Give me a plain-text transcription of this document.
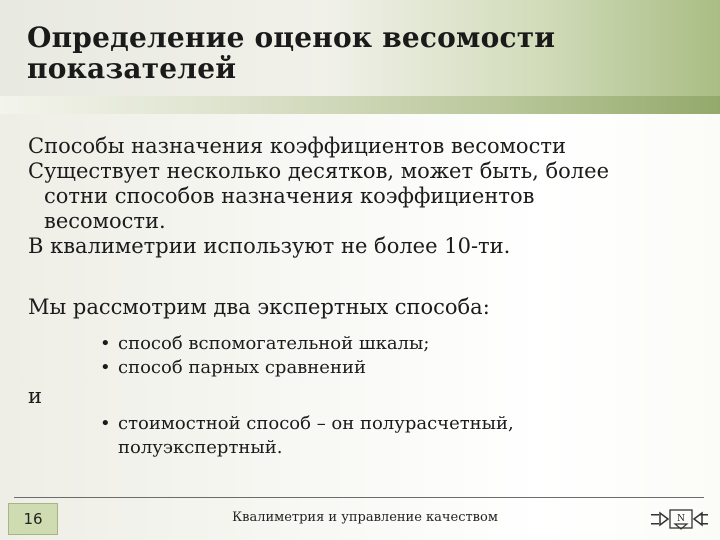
Определение оценок весомости показателей

Способы назначения коэффициентов весомости

Существует несколько десятков, может быть, более

сотни способов назначения коэффициентов

весомости.

В квалиметрии используют не более 10-ти.

Мы рассмотрим два экспертных способа:

• способ вспомогательной шкалы;
• способ парных сравнений
и
• стоимостной способ – он полурасчетный,
полуэкспертный.
16	Квалиметрия и управление качеством	N
